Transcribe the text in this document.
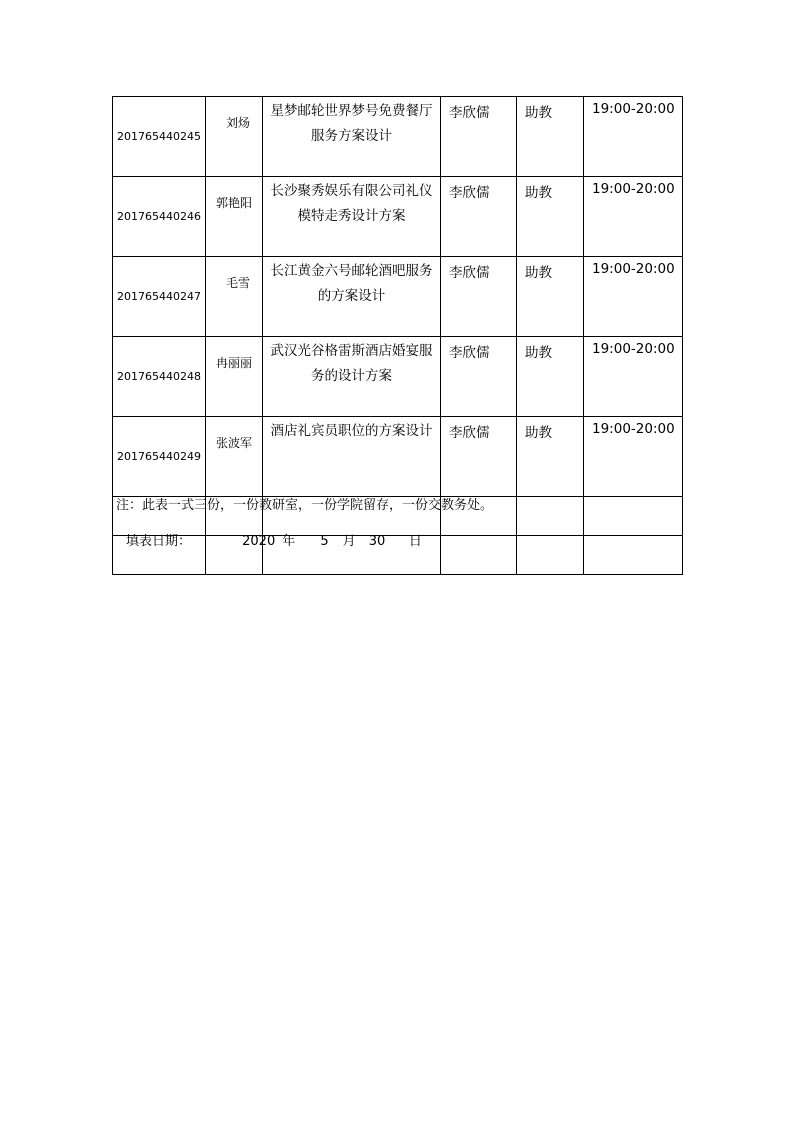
201765440245	刘炀	星梦邮轮世界梦号免费餐厅服务方案设计	李欣儒	助教	19:00-20:00
201765440246	郭艳阳	长沙聚秀娱乐有限公司礼仪模特走秀设计方案	李欣儒	助教	19:00-20:00
201765440247	毛雪	长江黄金六号邮轮酒吧服务的方案设计	李欣儒	助教	19:00-20:00
201765440248	冉丽丽	武汉光谷格雷斯酒店婚宴服务的设计方案	李欣儒	助教	19:00-20:00
201765440249	张波军	酒店礼宾员职位的方案设计	李欣儒	助教	19:00-20:00

注：此表一式三份，一份教研室，一份学院留存，一份交教务处。
填表日期：	2020 年 5 月 30 日
